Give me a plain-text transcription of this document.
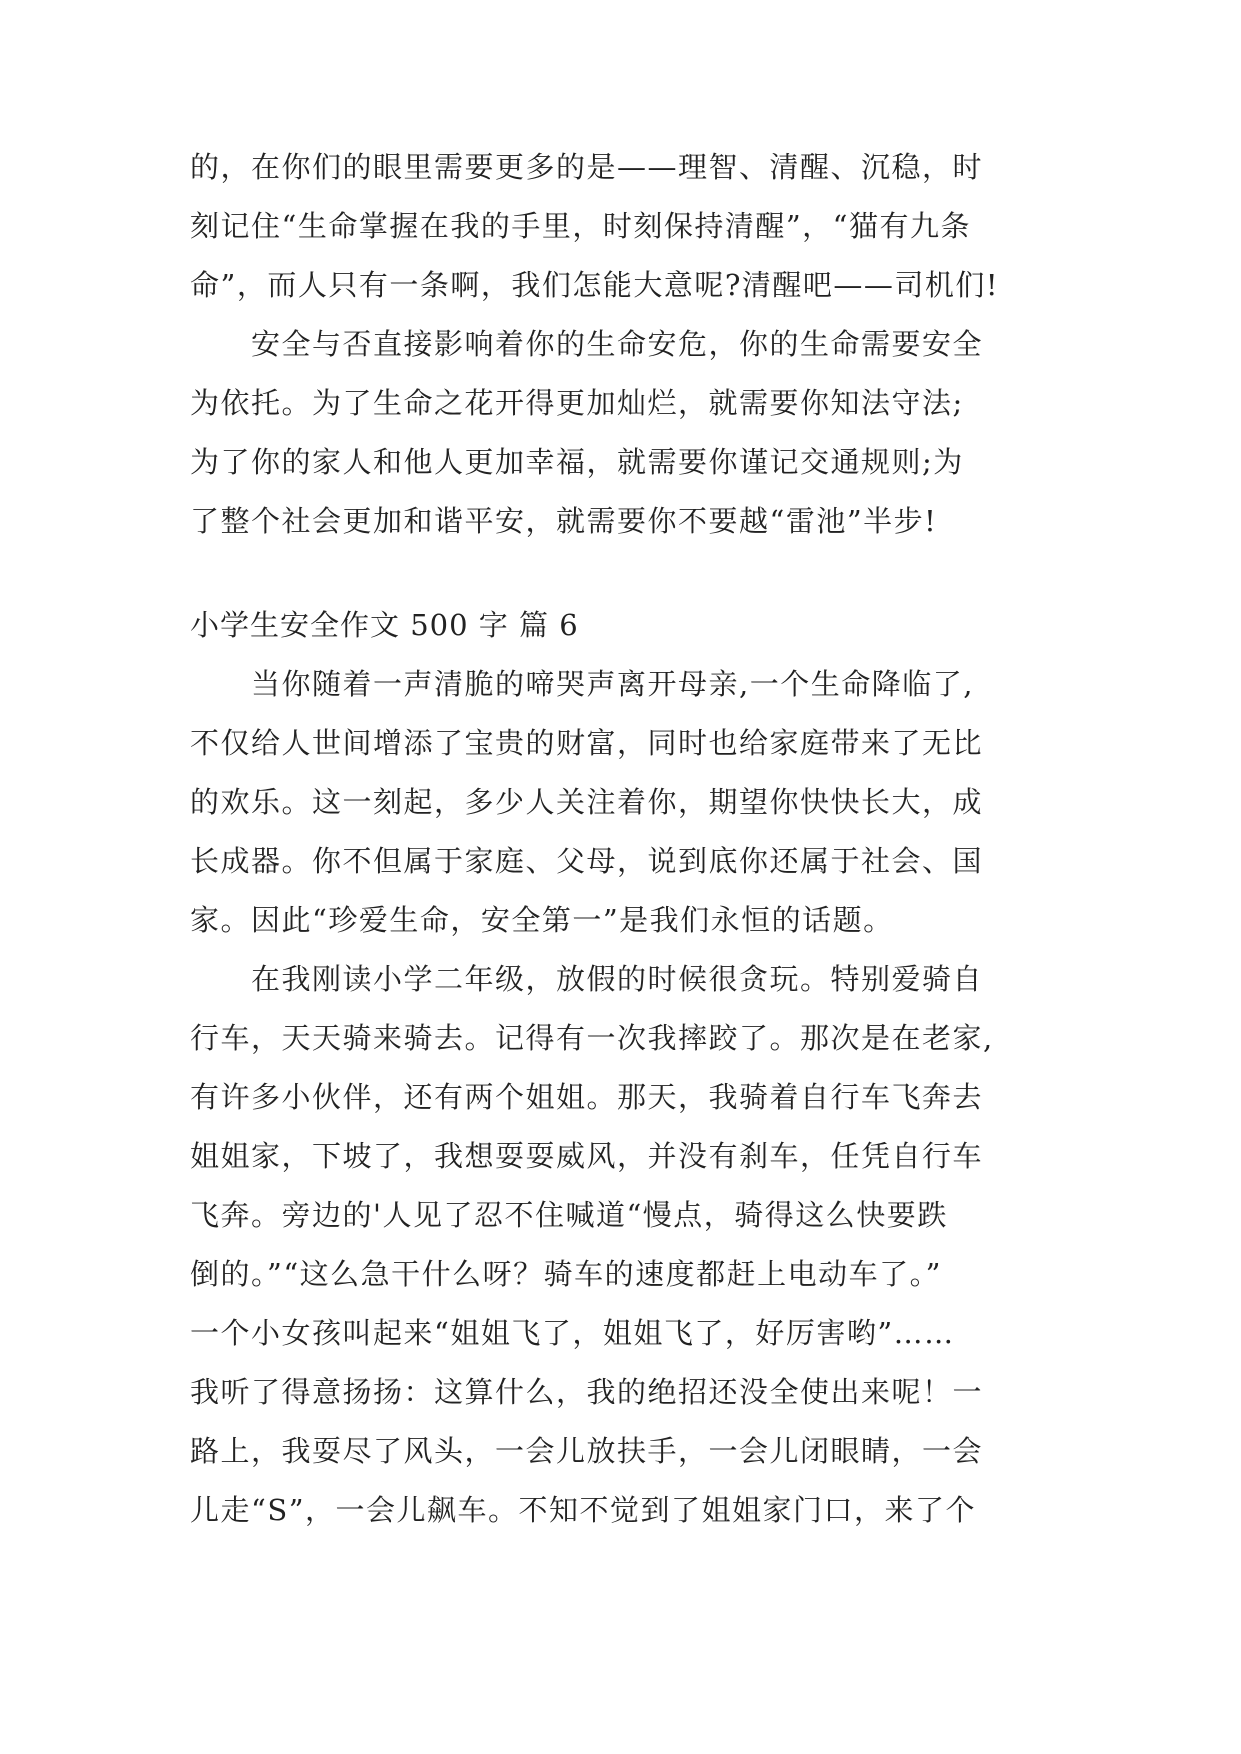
的，在你们的眼里需要更多的是——理智、清醒、沉稳，时
刻记住“生命掌握在我的手里，时刻保持清醒”，“猫有九条
命”，而人只有一条啊，我们怎能大意呢?清醒吧——司机们!
安全与否直接影响着你的生命安危，你的生命需要安全
为依托。为了生命之花开得更加灿烂，就需要你知法守法;
为了你的家人和他人更加幸福，就需要你谨记交通规则;为
了整个社会更加和谐平安，就需要你不要越“雷池”半步!
小学生安全作文 500 字 篇 6
当你随着一声清脆的啼哭声离开母亲,一个生命降临了,
不仅给人世间增添了宝贵的财富，同时也给家庭带来了无比
的欢乐。这一刻起，多少人关注着你，期望你快快长大，成
长成器。你不但属于家庭、父母，说到底你还属于社会、国
家。因此“珍爱生命，安全第一”是我们永恒的话题。
在我刚读小学二年级，放假的时候很贪玩。特别爱骑自
行车，天天骑来骑去。记得有一次我摔跤了。那次是在老家,
有许多小伙伴，还有两个姐姐。那天，我骑着自行车飞奔去
姐姐家，下坡了，我想耍耍威风，并没有刹车，任凭自行车
飞奔。旁边的'人见了忍不住喊道“慢点，骑得这么快要跌
倒的。”“这么急干什么呀？骑车的速度都赶上电动车了。”
一个小女孩叫起来“姐姐飞了，姐姐飞了，好厉害哟”……
我听了得意扬扬：这算什么，我的绝招还没全使出来呢！一
路上，我耍尽了风头，一会儿放扶手，一会儿闭眼睛，一会
儿走“S”，一会儿飙车。不知不觉到了姐姐家门口，来了个
